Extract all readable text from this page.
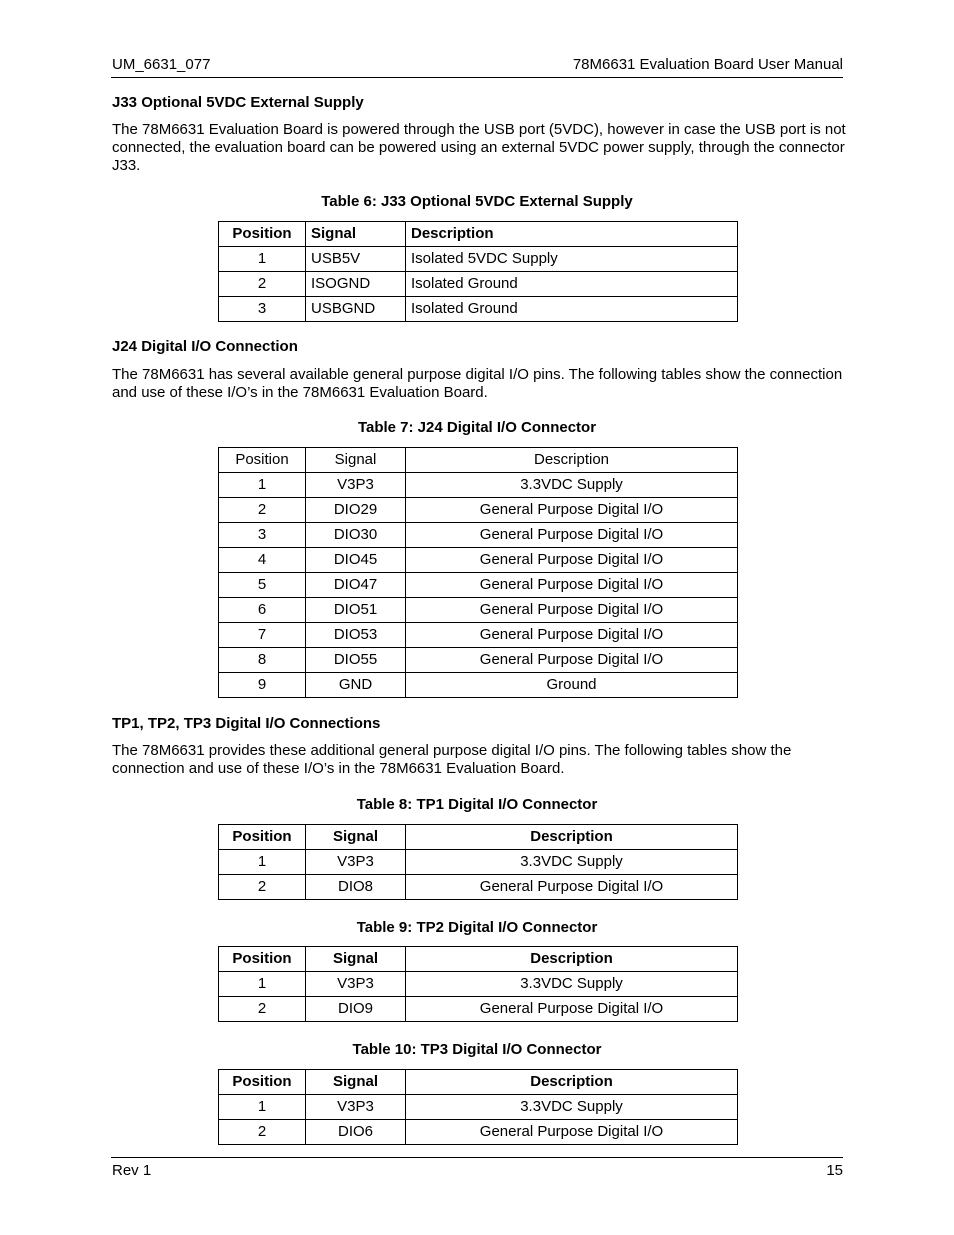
UM_6631_077	78M6631 Evaluation Board User Manual
J33 Optional 5VDC External Supply

The 78M6631 Evaluation Board is powered through the USB port (5VDC), however in case the USB port is not connected, the evaluation board can be powered using an external 5VDC power supply, through the connector J33.

Table 6: J33 Optional 5VDC External Supply
Position	Signal	Description
1	USB5V	Isolated 5VDC Supply
2	ISOGND	Isolated Ground
3	USBGND	Isolated Ground
J24 Digital I/O Connection

The 78M6631 has several available general purpose digital I/O pins. The following tables show the connection and use of these I/O’s in the 78M6631 Evaluation Board.

Table 7: J24 Digital I/O Connector
Position	Signal	Description
1	V3P3	3.3VDC Supply
2	DIO29	General Purpose Digital I/O
3	DIO30	General Purpose Digital I/O
4	DIO45	General Purpose Digital I/O
5	DIO47	General Purpose Digital I/O
6	DIO51	General Purpose Digital I/O
7	DIO53	General Purpose Digital I/O
8	DIO55	General Purpose Digital I/O
9	GND	Ground
TP1, TP2, TP3 Digital I/O Connections

The 78M6631 provides these additional general purpose digital I/O pins. The following tables show the connection and use of these I/O’s in the 78M6631 Evaluation Board.

Table 8: TP1 Digital I/O Connector
Position	Signal	Description
1	V3P3	3.3VDC Supply
2	DIO8	General Purpose Digital I/O
Table 9: TP2 Digital I/O Connector
Position	Signal	Description
1	V3P3	3.3VDC Supply
2	DIO9	General Purpose Digital I/O
Table 10: TP3 Digital I/O Connector
Position	Signal	Description
1	V3P3	3.3VDC Supply
2	DIO6	General Purpose Digital I/O
Rev 1	15
